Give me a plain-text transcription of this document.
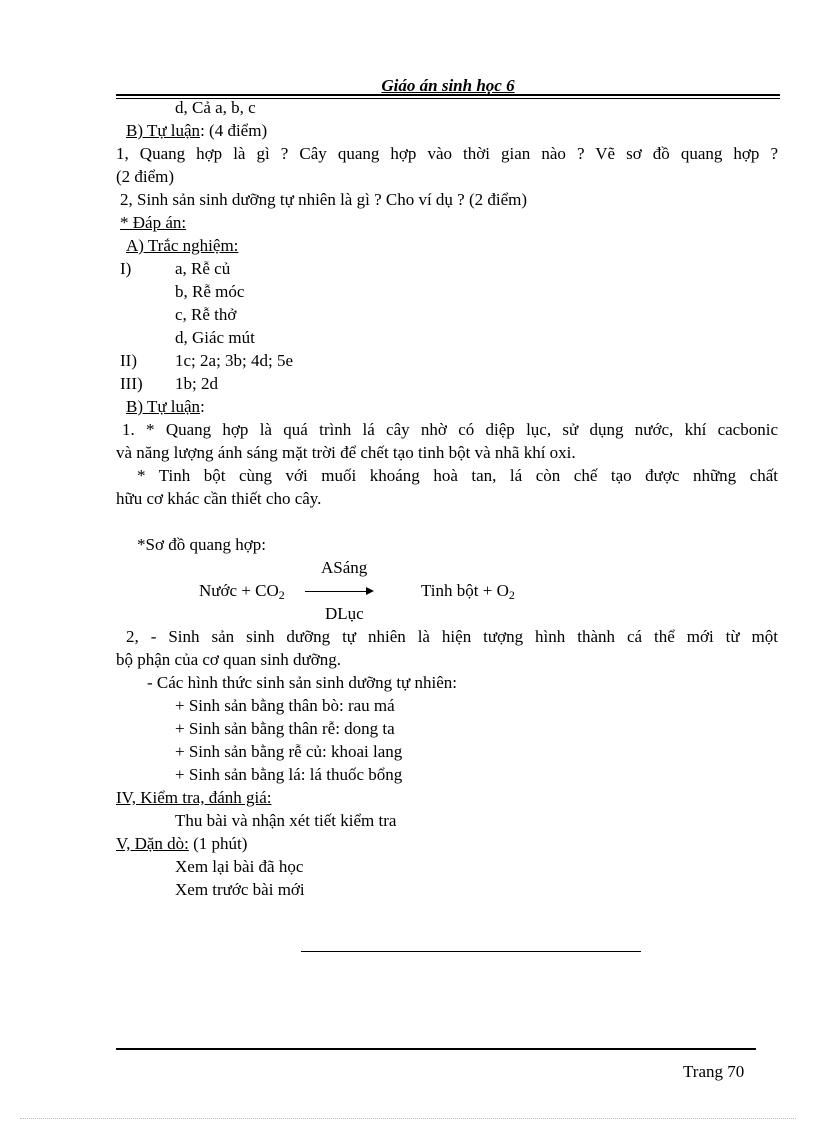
Giáo án sinh học 6
d, Cả a, b, c
B) Tự luận: (4 điểm)
1, Quang hợp là gì ? Cây quang hợp vào thời gian nào ? Vẽ sơ đồ quang hợp ?
(2 điểm)
2, Sinh sản sinh dưỡng tự nhiên là gì ? Cho ví dụ ? (2 điểm)
* Đáp án:
A) Trắc nghiệm:
I)	a, Rễ củ
b, Rễ móc
c, Rễ thở
d, Giác mút
II) 1c; 2a; 3b; 4d; 5e
III) 1b; 2d
B) Tự luận:
1. * Quang hợp là quá trình lá cây nhờ có diệp lục, sử dụng nước, khí cacbonic
và năng lượng ánh sáng mặt trời để chết tạo tinh bột và nhã khí oxi.
* Tinh bột cùng với muối khoáng hoà tan, lá còn chế tạo được những chất
hữu cơ khác cần thiết cho cây.
*Sơ đồ quang hợp:
ASáng
Nước + $CO_2$	Tinh bột + $O_2$
DLục
2, - Sinh sản sinh dưỡng tự nhiên là hiện tượng hình thành cá thể mới từ một
bộ phận của cơ quan sinh dưỡng.
- Các hình thức sinh sản sinh dưỡng tự nhiên:
+ Sinh sản bằng thân bò: rau má
+ Sinh sản bằng thân rễ: dong ta
+ Sinh sản bằng rễ củ: khoai lang
+ Sinh sản bằng lá: lá thuốc bổng
IV, Kiểm tra, đánh giá:
Thu bài và nhận xét tiết kiểm tra
V, Dặn dò: (1 phút)
Xem lại bài đã học
Xem trước bài mới
Trang 70
